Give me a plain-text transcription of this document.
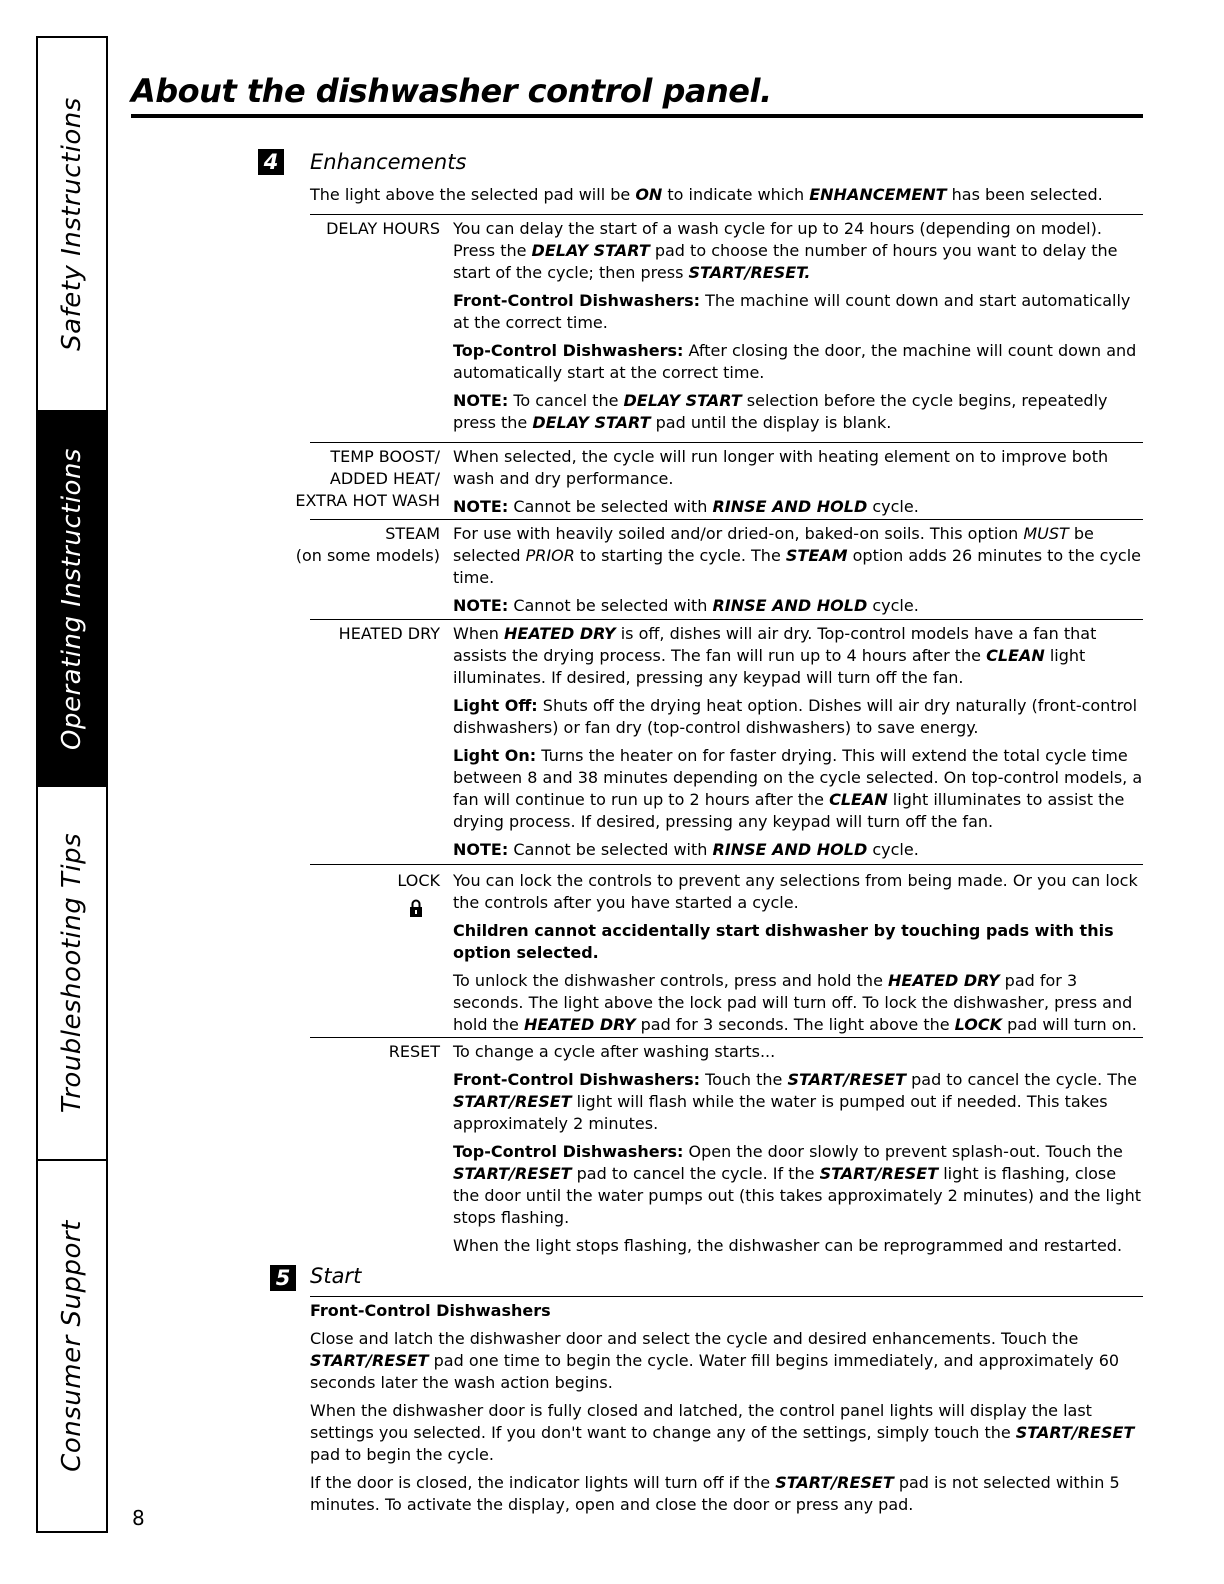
Safety Instructions
Operating Instructions
Troubleshooting Tips
Consumer Support
About the dishwasher control panel.
4 Enhancements
The light above the selected pad will be ON to indicate which ENHANCEMENT has been selected.
DELAY HOURS You can delay the start of a wash cycle for up to 24 hours (depending on model). Press the DELAY START pad to choose the number of hours you want to delay the start of the cycle; then press START/RESET.

Front-Control Dishwashers: The machine will count down and start automatically at the correct time.

Top-Control Dishwashers: After closing the door, the machine will count down and automatically start at the correct time.

NOTE: To cancel the DELAY START selection before the cycle begins, repeatedly press the DELAY START pad until the display is blank.

TEMP BOOST/
ADDED HEAT/
EXTRA HOT WASH

When selected, the cycle will run longer with heating element on to improve both wash and dry performance.

NOTE: Cannot be selected with RINSE AND HOLD cycle.

STEAM
(on some models)

For use with heavily soiled and/or dried-on, baked-on soils. This option MUST be selected PRIOR to starting the cycle. The STEAM option adds 26 minutes to the cycle time.

NOTE: Cannot be selected with RINSE AND HOLD cycle.

HEATED DRY When HEATED DRY is off, dishes will air dry. Top-control models have a fan that assists the drying process. The fan will run up to 4 hours after the CLEAN light illuminates. If desired, pressing any keypad will turn off the fan.

Light Off: Shuts off the drying heat option. Dishes will air dry naturally (front-control dishwashers) or fan dry (top-control dishwashers) to save energy.

Light On: Turns the heater on for faster drying. This will extend the total cycle time between 8 and 38 minutes depending on the cycle selected. On top-control models, a fan will continue to run up to 2 hours after the CLEAN light illuminates to assist the drying process. If desired, pressing any keypad will turn off the fan.

NOTE: Cannot be selected with RINSE AND HOLD cycle.

LOCK You can lock the controls to prevent any selections from being made. Or you can lock the controls after you have started a cycle.

Children cannot accidentally start dishwasher by touching pads with this option selected.

To unlock the dishwasher controls, press and hold the HEATED DRY pad for 3 seconds. The light above the lock pad will turn off. To lock the dishwasher, press and hold the HEATED DRY pad for 3 seconds. The light above the LOCK pad will turn on.

RESET To change a cycle after washing starts...

Front-Control Dishwashers: Touch the START/RESET pad to cancel the cycle. The START/RESET light will flash while the water is pumped out if needed. This takes approximately 2 minutes.

Top-Control Dishwashers: Open the door slowly to prevent splash-out. Touch the START/RESET pad to cancel the cycle. If the START/RESET light is flashing, close the door until the water pumps out (this takes approximately 2 minutes) and the light stops flashing.

When the light stops flashing, the dishwasher can be reprogrammed and restarted.

5 Start
Front-Control Dishwashers

Close and latch the dishwasher door and select the cycle and desired enhancements. Touch the START/RESET pad one time to begin the cycle. Water fill begins immediately, and approximately 60 seconds later the wash action begins.

When the dishwasher door is fully closed and latched, the control panel lights will display the last settings you selected. If you don't want to change any of the settings, simply touch the START/RESET pad to begin the cycle.

If the door is closed, the indicator lights will turn off if the START/RESET pad is not selected within 5 minutes. To activate the display, open and close the door or press any pad.

8
